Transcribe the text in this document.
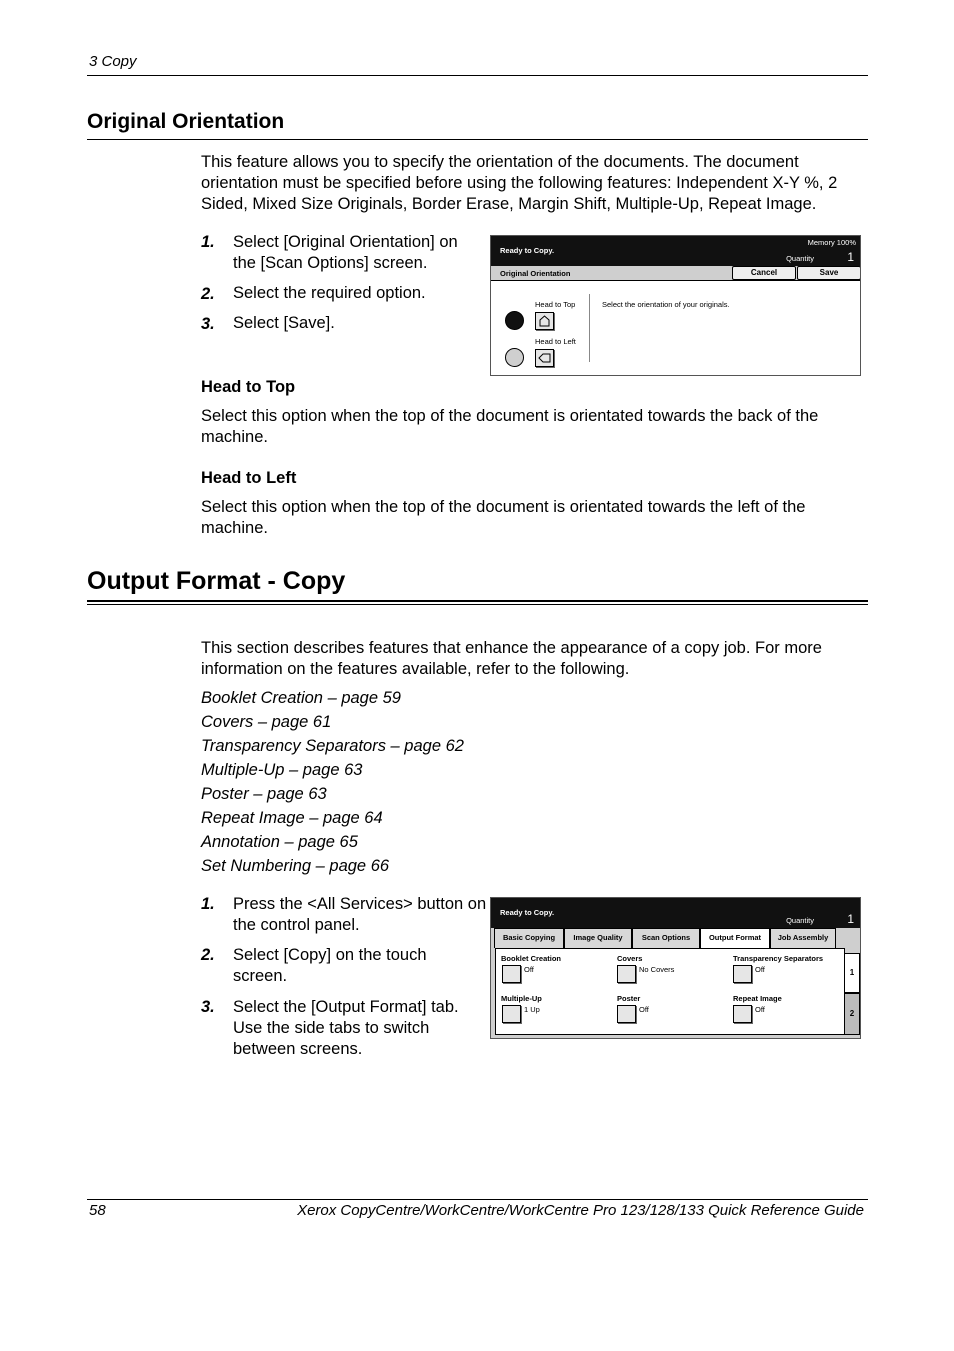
3 Copy
Original Orientation
This feature allows you to specify the orientation of the documents. The document orientation must be specified before using the following features: Independent X-Y %, 2 Sided, Mixed Size Originals, Border Erase, Margin Shift, Multiple-Up, Repeat Image.
1. Select [Original Orientation] on the [Scan Options] screen.
2. Select the required option.
3. Select [Save].
Ready to Copy.
Memory 100%
Quantity	1
Original Orientation	Cancel	Save
Head to Top
Head to Left
Select the orientation of your originals.
Head to Top
Select this option when the top of the document is orientated towards the back of the machine.
Head to Left
Select this option when the top of the document is orientated towards the left of the machine.
Output Format - Copy
This section describes features that enhance the appearance of a copy job. For more information on the features available, refer to the following.
Booklet Creation – page 59
Covers – page 61
Transparency Separators – page 62
Multiple-Up – page 63
Poster – page 63
Repeat Image – page 64
Annotation – page 65
Set Numbering – page 66
1. Press the <All Services> button on the control panel.
2. Select [Copy] on the touch screen.
3. Select the [Output Format] tab. Use the side tabs to switch between screens.
Ready to Copy.
Quantity	1
Basic Copying	Image Quality	Scan Options	Output Format	Job Assembly
Booklet Creation
Off
Covers
No Covers
Transparency Separators
Off
Multiple-Up
1 Up
Poster
Off
Repeat Image
Off
1
2
58	Xerox CopyCentre/WorkCentre/WorkCentre Pro 123/128/133 Quick Reference Guide
